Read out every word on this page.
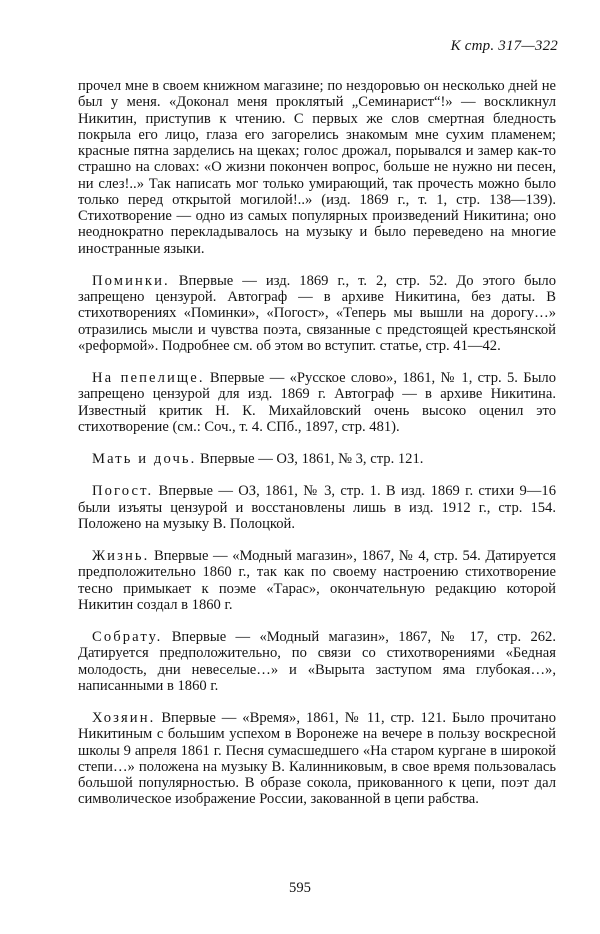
К стр. 317—322

прочел мне в своем книжном магазине; по нездоровью он несколько дней не был у меня. «Доконал меня проклятый „Семинарист“!» — воскликнул Никитин, приступив к чтению. С первых же слов смертная бледность покрыла его лицо, глаза его загорелись знакомым мне сухим пламенем; красные пятна зарделись на щеках; голос дрожал, порывался и замер как-то страшно на словах: «О жизни покончен вопрос, больше не нужно ни песен, ни слез!..» Так написать мог только умирающий, так прочесть можно было только перед открытой могилой!..» (изд. 1869 г., т. 1, стр. 138—139). Стихотворение — одно из самых популярных произведений Никитина; оно неоднократно перекладывалось на музыку и было переведено на многие иностранные языки.

Поминки. Впервые — изд. 1869 г., т. 2, стр. 52. До этого было запрещено цензурой. Автограф — в архиве Никитина, без даты. В стихотворениях «Поминки», «Погост», «Теперь мы вышли на дорогу…» отразились мысли и чувства поэта, связанные с предстоящей крестьянской «реформой». Подробнее см. об этом во вступит. статье, стр. 41—42.

На пепелище. Впервые — «Русское слово», 1861, № 1, стр. 5. Было запрещено цензурой для изд. 1869 г. Автограф — в архиве Никитина. Известный критик Н. К. Михайловский очень высоко оценил это стихотворение (см.: Соч., т. 4. СПб., 1897, стр. 481).

Мать и дочь. Впервые — ОЗ, 1861, № 3, стр. 121.

Погост. Впервые — ОЗ, 1861, № 3, стр. 1. В изд. 1869 г. стихи 9—16 были изъяты цензурой и восстановлены лишь в изд. 1912 г., стр. 154. Положено на музыку В. Полоцкой.

Жизнь. Впервые — «Модный магазин», 1867, № 4, стр. 54. Датируется предположительно 1860 г., так как по своему настроению стихотворение тесно примыкает к поэме «Тарас», окончательную редакцию которой Никитин создал в 1860 г.

Собрату. Впервые — «Модный магазин», 1867, № 17, стр. 262. Датируется предположительно, по связи со стихотворениями «Бедная молодость, дни невеселые…» и «Вырыта заступом яма глубокая…», написанными в 1860 г.

Хозяин. Впервые — «Время», 1861, № 11, стр. 121. Было прочитано Никитиным с большим успехом в Воронеже на вечере в пользу воскресной школы 9 апреля 1861 г. Песня сумасшедшего «На старом кургане в широкой степи…» положена на музыку В. Калинниковым, в свое время пользовалась большой популярностью. В образе сокола, прикованного к цепи, поэт дал символическое изображение России, закованной в цепи рабства.

595
